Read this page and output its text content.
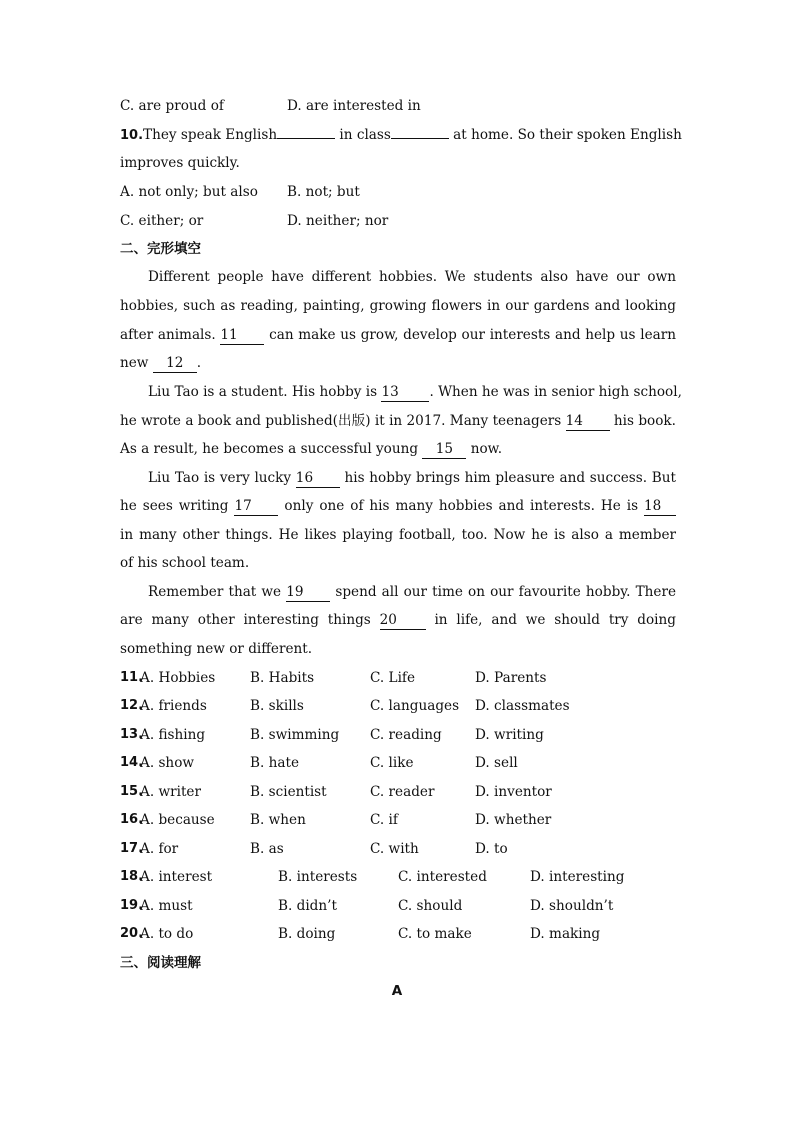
C. are proud of	D. are interested in
10.They speak English	in class	at home. So their spoken English
improves quickly.
A. not only; but also B. not; but
C. either; or	D. neither; nor
二、完形填空
Different people have different hobbies. We students also have our own
hobbies, such as reading, painting, growing flowers in our gardens and looking
after animals. 11 can make us grow, develop our interests and help us learn
new 12 .
Liu Tao is a student. His hobby is 13 . When he was in senior high school,
he wrote a book and published(出版) it in 2017. Many teenagers 14 his book.
As a result, he becomes a successful young 15 now.
Liu Tao is very lucky 16 his hobby brings him pleasure and success. But
he sees writing 17 only one of his many hobbies and interests. He is 18
in many other things. He likes playing football, too. Now he is also a member
of his school team.
Remember that we 19 spend all our time on our favourite hobby. There
are many other interesting things 20 in life, and we should try doing
something new or different.
11.
A. Hobbies	B. Habits	C. Life	D. Parents
12.
A. friends	B. skills	C. languages D. classmates
13.
A. fishing	B. swimming C. reading D. writing
14.
A. show	B. hate	C. like	D. sell
15.
A. writer	B. scientist	C. reader	D. inventor
16.
A. because	B. when	C. if	D. whether
17.
A. for	B. as	C. with	D. to
18.
A. interest	B. interests	C. interested	D. interesting
19.
A. must	B. didn’t	C. should	D. shouldn’t
20.
A. to do	B. doing	C. to make	D. making
三、阅读理解
A
